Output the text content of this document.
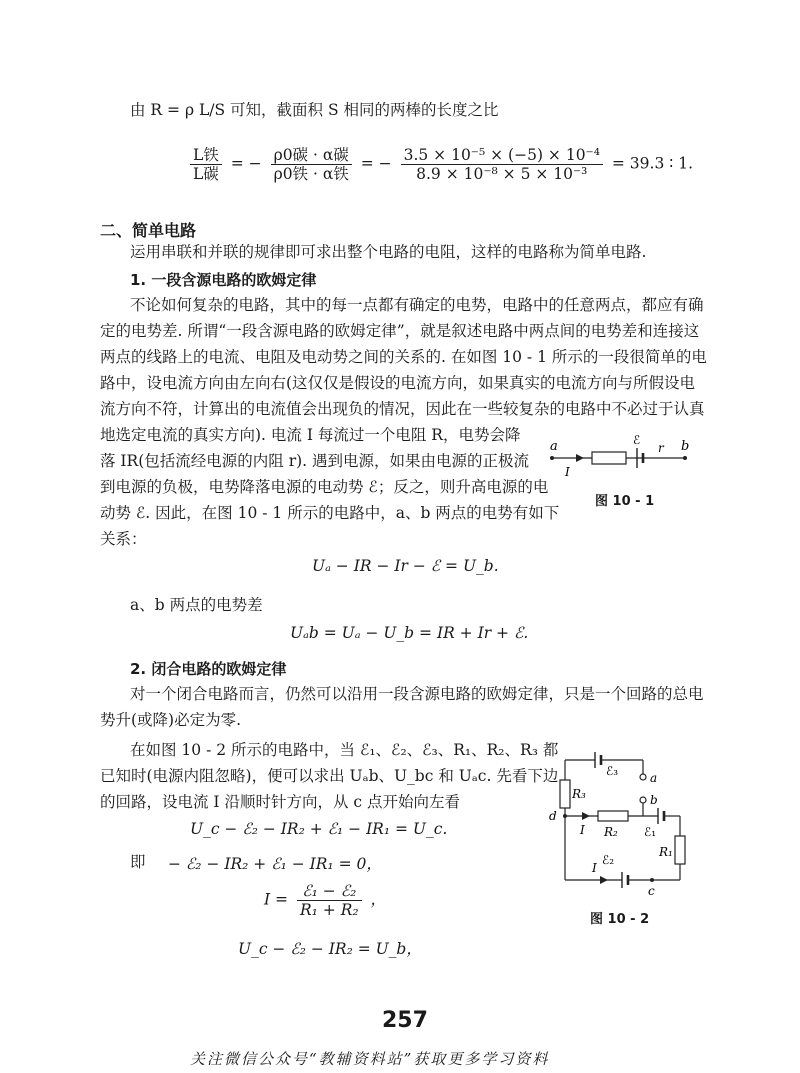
由 R = ρ L/S 可知，截面积 S 相同的两棒的长度之比
$\frac{\text{L铁}}{\text{L碳}}$ = − $\frac{\text{ρ0碳 · α碳}}{\text{ρ0铁 · α铁}}$ = − $\frac{\text{3.5 × 10⁻⁵ × (−5) × 10⁻⁴}}{\text{8.9 × 10⁻⁸ × 5 × 10⁻³}} = 39.3$ ∶ 1.
二、简单电路
运用串联和并联的规律即可求出整个电路的电阻，这样的电路称为简单电路.
1. 一段含源电路的欧姆定律
不论如何复杂的电路，其中的每一点都有确定的电势，电路中的任意两点，都应有确
定的电势差. 所谓“一段含源电路的欧姆定律”，就是叙述电路中两点间的电势差和连接这
两点的线路上的电流、电阻及电动势之间的关系的. 在如图 10 - 1 所示的一段很简单的电
路中，设电流方向由左向右(这仅仅是假设的电流方向，如果真实的电流方向与所假设电
流方向不符，计算出的电流值会出现负的情况，因此在一些较复杂的电路中不必过于认真
地选定电流的真实方向). 电流 I 每流过一个电阻 R，电势会降
落 IR(包括流经电源的内阻 r). 遇到电源，如果由电源的正极流
到电源的负极，电势降落电源的电动势 ℰ；反之，则升高电源的电
动势 ℰ. 因此，在图 10 - 1 所示的电路中，a、b 两点的电势有如下
关系：
a	b
ℰ
r
I
图 10 - 1
Uₐ − IR − Ir − ℰ = U_b.
a、b 两点的电势差
Uₐb = Uₐ − U_b = IR + Ir + ℰ.
2. 闭合电路的欧姆定律
对一个闭合电路而言，仍然可以沿用一段含源电路的欧姆定律，只是一个回路的总电
势升(或降)必定为零.
在如图 10 - 2 所示的电路中，当 ℰ₁、ℰ₂、ℰ₃、R₁、R₂、R₃ 都
已知时(电源内阻忽略)，便可以求出 Uₐb、U_bc 和 Uₐc. 先看下边
的回路，设电流 I 沿顺时针方向，从 c 点开始向左看
U_c − ℰ₂ − IR₂ + ℰ₁ − IR₁ = U_c.
即 − ℰ₂ − IR₂ + ℰ₁ − IR₁ = 0，
$I = \frac{\text{ℰ₁ − ℰ₂}}{\text{R₁ + R₂}}$ ，
U_c − ℰ₂ − IR₂ = U_b，
ℰ₃	a
b
R₃
d
I R₂ ℰ₁
R₁
I
ℰ₂
c
图 10 - 2
257
关注微信公众号“教辅资料站”获取更多学习资料
